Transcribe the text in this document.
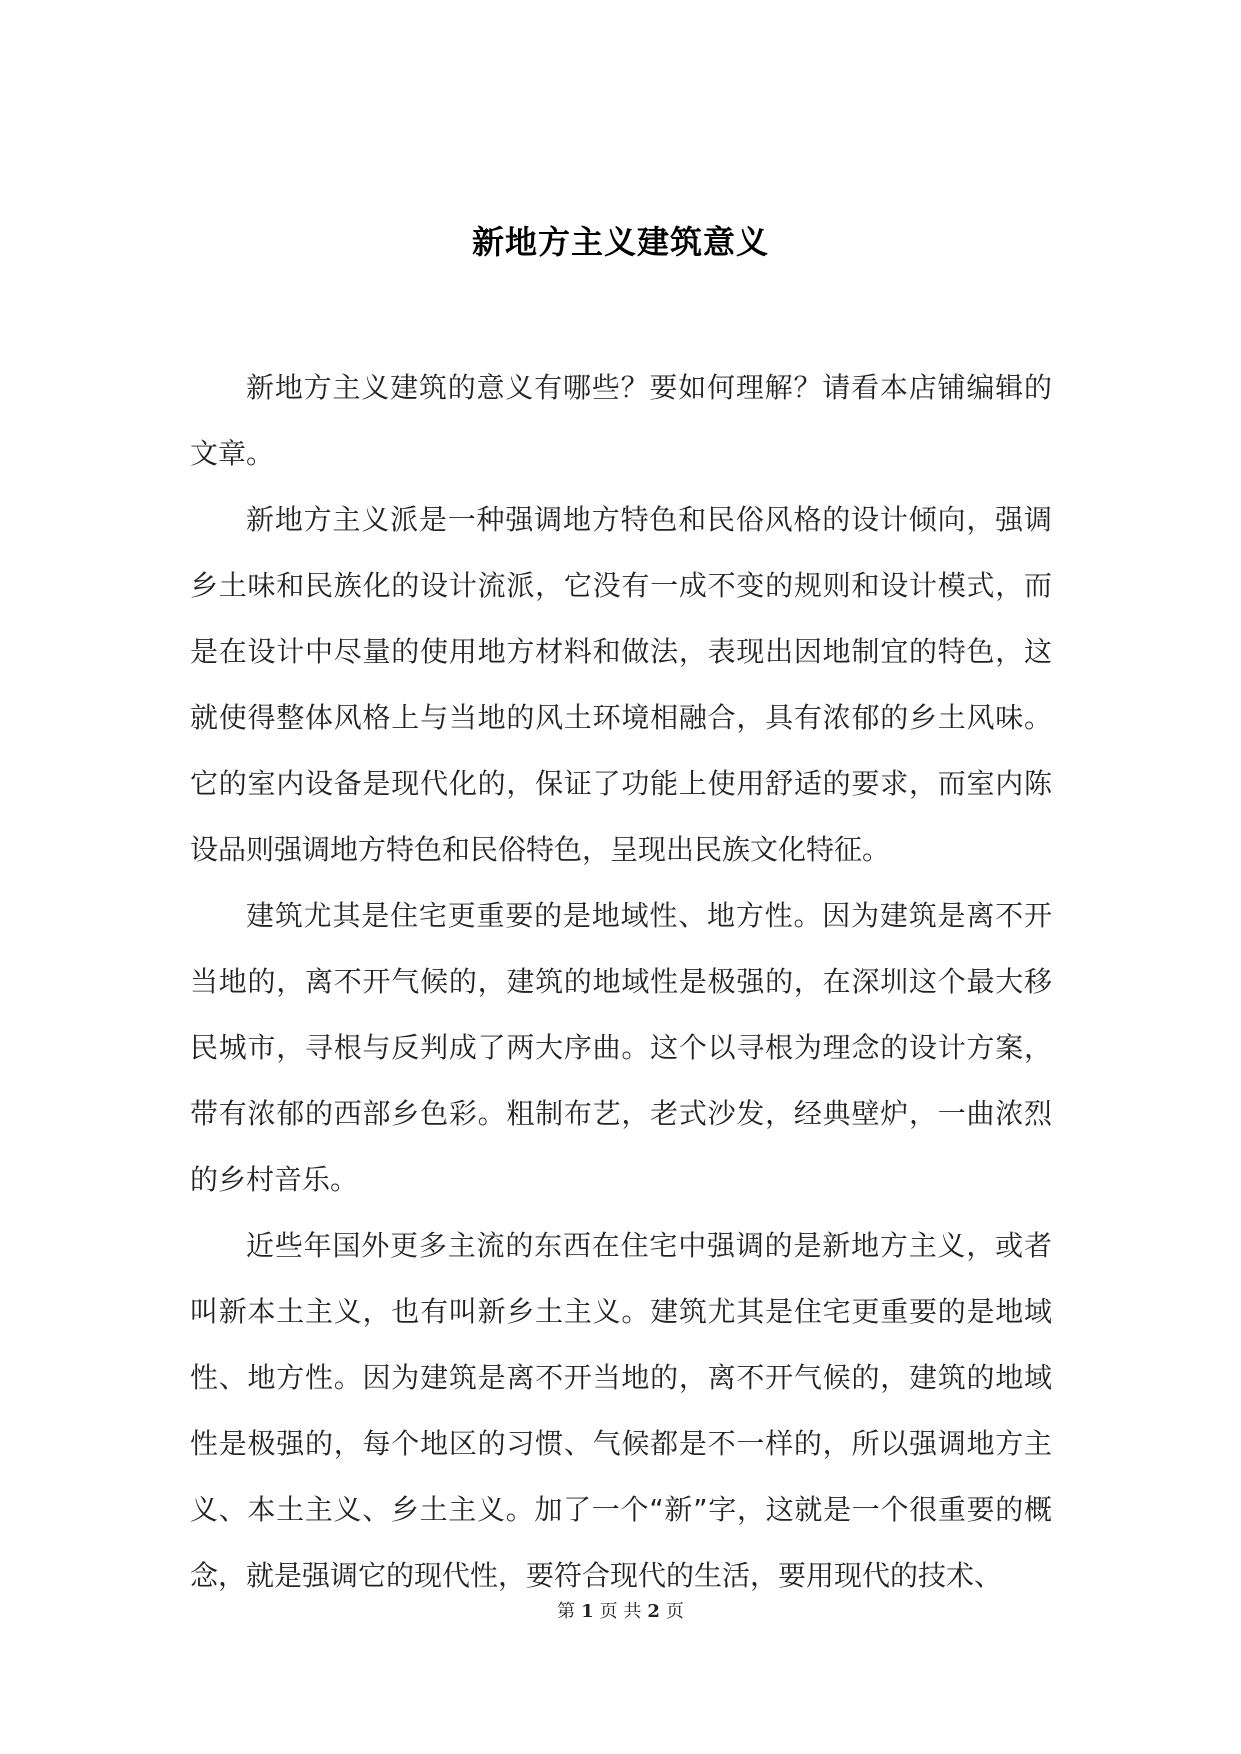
新地方主义建筑意义

新地方主义建筑的意义有哪些？要如何理解？请看本店铺编辑的文章。

新地方主义派是一种强调地方特色和民俗风格的设计倾向，强调乡土味和民族化的设计流派，它没有一成不变的规则和设计模式，而是在设计中尽量的使用地方材料和做法，表现出因地制宜的特色，这就使得整体风格上与当地的风土环境相融合，具有浓郁的乡土风味。它的室内设备是现代化的，保证了功能上使用舒适的要求，而室内陈设品则强调地方特色和民俗特色，呈现出民族文化特征。

建筑尤其是住宅更重要的是地域性、地方性。因为建筑是离不开当地的，离不开气候的，建筑的地域性是极强的，在深圳这个最大移民城市，寻根与反判成了两大序曲。这个以寻根为理念的设计方案，带有浓郁的西部乡色彩。粗制布艺，老式沙发，经典壁炉，一曲浓烈的乡村音乐。

近些年国外更多主流的东西在住宅中强调的是新地方主义，或者叫新本土主义，也有叫新乡土主义。建筑尤其是住宅更重要的是地域性、地方性。因为建筑是离不开当地的，离不开气候的，建筑的地域性是极强的，每个地区的习惯、气候都是不一样的，所以强调地方主义、本土主义、乡土主义。加了一个“新”字，这就是一个很重要的概念，就是强调它的现代性，要符合现代的生活，要用现代的技术、

第 1 页 共 2 页
